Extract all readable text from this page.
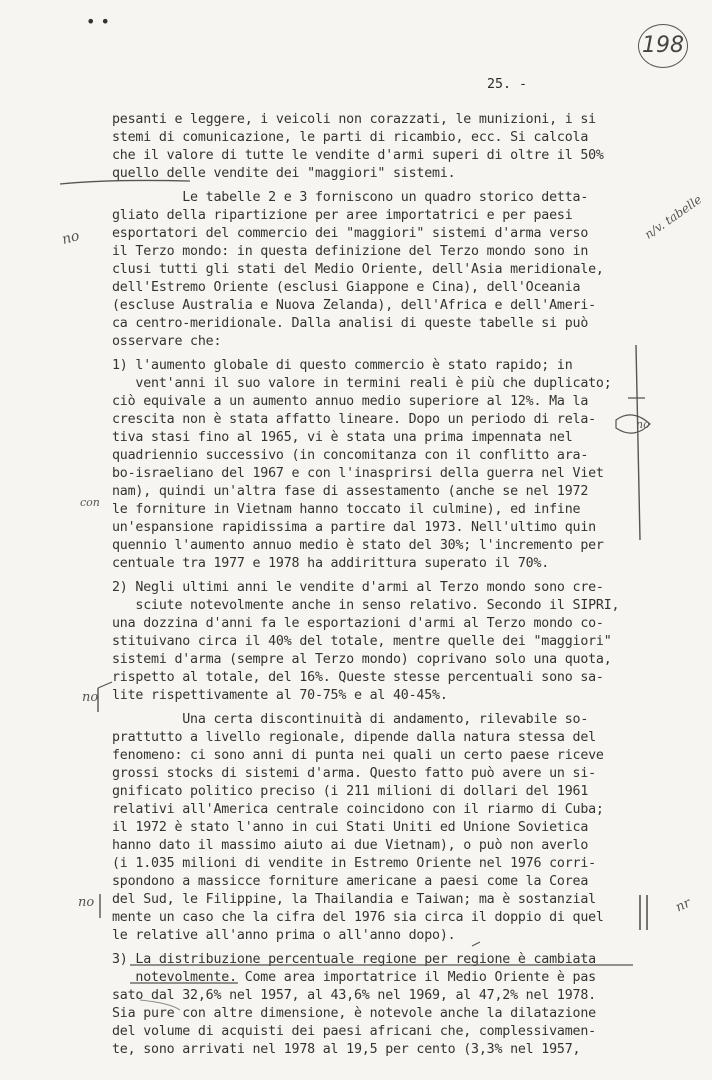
• •
25. -
198
no	n/v. tabelle
no
con
no
no	nr
pesanti e leggere, i veicoli non corazzati, le munizioni, i si
stemi di comunicazione, le parti di ricambio, ecc. Si calcola
che il valore di tutte le vendite d'armi superi di oltre il 50%
quello delle vendite dei "maggiori" sistemi.
Le tabelle 2 e 3 forniscono un quadro storico detta-
gliato della ripartizione per aree importatrici e per paesi
esportatori del commercio dei "maggiori" sistemi d'arma verso
il Terzo mondo: in questa definizione del Terzo mondo sono in
clusi tutti gli stati del Medio Oriente, dell'Asia meridionale,
dell'Estremo Oriente (esclusi Giappone e Cina), dell'Oceania
(escluse Australia e Nuova Zelanda), dell'Africa e dell'Ameri-
ca centro-meridionale. Dalla analisi di queste tabelle si può
osservare che:
1) l'aumento globale di questo commercio è stato rapido; in
vent'anni il suo valore in termini reali è più che duplicato;
ciò equivale a un aumento annuo medio superiore al 12%. Ma la
crescita non è stata affatto lineare. Dopo un periodo di rela-
tiva stasi fino al 1965, vi è stata una prima impennata nel
quadriennio successivo (in concomitanza con il conflitto ara-
bo-israeliano del 1967 e con l'inasprirsi della guerra nel Viet
nam), quindi un'altra fase di assestamento (anche se nel 1972
le forniture in Vietnam hanno toccato il culmine), ed infine
un'espansione rapidissima a partire dal 1973. Nell'ultimo quin
quennio l'aumento annuo medio è stato del 30%; l'incremento per
centuale tra 1977 e 1978 ha addirittura superato il 70%.
2) Negli ultimi anni le vendite d'armi al Terzo mondo sono cre-
sciute notevolmente anche in senso relativo. Secondo il SIPRI,
una dozzina d'anni fa le esportazioni d'armi al Terzo mondo co-
stituivano circa il 40% del totale, mentre quelle dei "maggiori"
sistemi d'arma (sempre al Terzo mondo) coprivano solo una quota,
rispetto al totale, del 16%. Queste stesse percentuali sono sa-
lite rispettivamente al 70-75% e al 40-45%.
Una certa discontinuità di andamento, rilevabile so-
prattutto a livello regionale, dipende dalla natura stessa del
fenomeno: ci sono anni di punta nei quali un certo paese riceve
grossi stocks di sistemi d'arma. Questo fatto può avere un si-
gnificato politico preciso (i 211 milioni di dollari del 1961
relativi all'America centrale coincidono con il riarmo di Cuba;
il 1972 è stato l'anno in cui Stati Uniti ed Unione Sovietica
hanno dato il massimo aiuto ai due Vietnam), o può non averlo
(i 1.035 milioni di vendite in Estremo Oriente nel 1976 corri-
spondono a massicce forniture americane a paesi come la Corea
del Sud, le Filippine, la Thailandia e Taiwan; ma è sostanzial
mente un caso che la cifra del 1976 sia circa il doppio di quel
le relative all'anno prima o all'anno dopo).
3) La distribuzione percentuale regione per regione è cambiata
notevolmente. Come area importatrice il Medio Oriente è pas
sato dal 32,6% nel 1957, al 43,6% nel 1969, al 47,2% nel 1978.
Sia pure con altre dimensione, è notevole anche la dilatazione
del volume di acquisti dei paesi africani che, complessivamen-
te, sono arrivati nel 1978 al 19,5 per cento (3,3% nel 1957,
